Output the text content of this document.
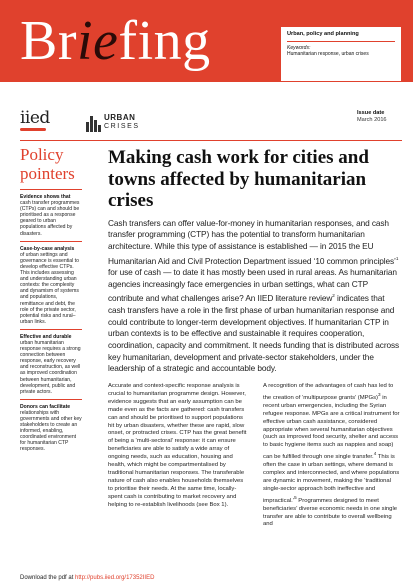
Briefing	Urban, policy and planning
Keywords:
Humanitarian response, urban crises
iied	URBAN
CRISES
Issue date
March 2016
Policy pointers
Evidence shows that
cash transfer programmes (CTPs) can and should be prioritised as a response geared to urban populations affected by disasters.
Case-by-case analysis
of urban settings and governance is essential to develop effective CTPs. This includes assessing and understanding urban contexts: the complexity and dynamism of systems and populations, remittance and debt, the role of the private sector, potential risks and rural–urban links.
Effective and durable
urban humanitarian response requires a strong connection between response, early recovery and reconstruction, as well as improved coordination between humanitarian, development, public and private actors.
Donors can facilitate
relationships with governments and other key stakeholders to create an informed, enabling, coordinated environment for humanitarian CTP responses.
Making cash work for cities and towns affected by humanitarian crises

Cash transfers can offer value-for-money in humanitarian responses, and cash transfer programming (CTP) has the potential to transform humanitarian architecture. While this type of assistance is established — in 2015 the EU Humanitarian Aid and Civil Protection Department issued ‘10 common principles’$^1$ for use of cash — to date it has mostly been used in rural areas. As humanitarian agencies increasingly face emergencies in urban settings, what can CTP contribute and what challenges arise? An IIED literature review$^2$ indicates that cash transfers have a role in the first phase of urban humanitarian response and could contribute to longer-term development objectives. If humanitarian CTP in urban contexts is to be effective and sustainable it requires cooperation, coordination, capacity and commitment. It needs funding that is distributed across key humanitarian, development and private-sector stakeholders, under the leadership of a strategic and accountable body.

Accurate and context-specific response analysis is crucial to humanitarian programme design. However, evidence suggests that an early assumption can be made even as the facts are gathered: cash transfers can and should be prioritised to support populations hit by urban disasters, whether these are rapid, slow onset, or protracted crises. CTP has the great benefit of being a ‘multi-sectoral’ response: it can ensure beneficiaries are able to satisfy a wide array of ongoing needs, such as education, housing and health, which might be compartmentalised by traditional humanitarian responses. The transferable nature of cash also enables households themselves to prioritise their needs. At the same time, locally-spent cash is contributing to market recovery and helping to re-establish livelihoods (see Box 1).

A recognition of the advantages of cash has led to the creation of ‘multipurpose grants’ (MPGs)$^3$ in recent urban emergencies, including the Syrian refugee response. MPGs are a critical instrument for effective urban cash assistance, considered appropriate when several humanitarian objectives (such as improved food security, shelter and access to basic hygiene items such as nappies and soap) can be fulfilled through one single transfer.$^4$ This is often the case in urban settings, where demand is complex and interconnected, and where populations are dynamic in movement, making the ‘traditional single-sector approach both ineffective and impractical.’$^5$ Programmes designed to meet beneficiaries’ diverse economic needs in one single transfer are able to contribute to overall wellbeing and

Download the pdf at http://pubs.iied.org/17352IIED
